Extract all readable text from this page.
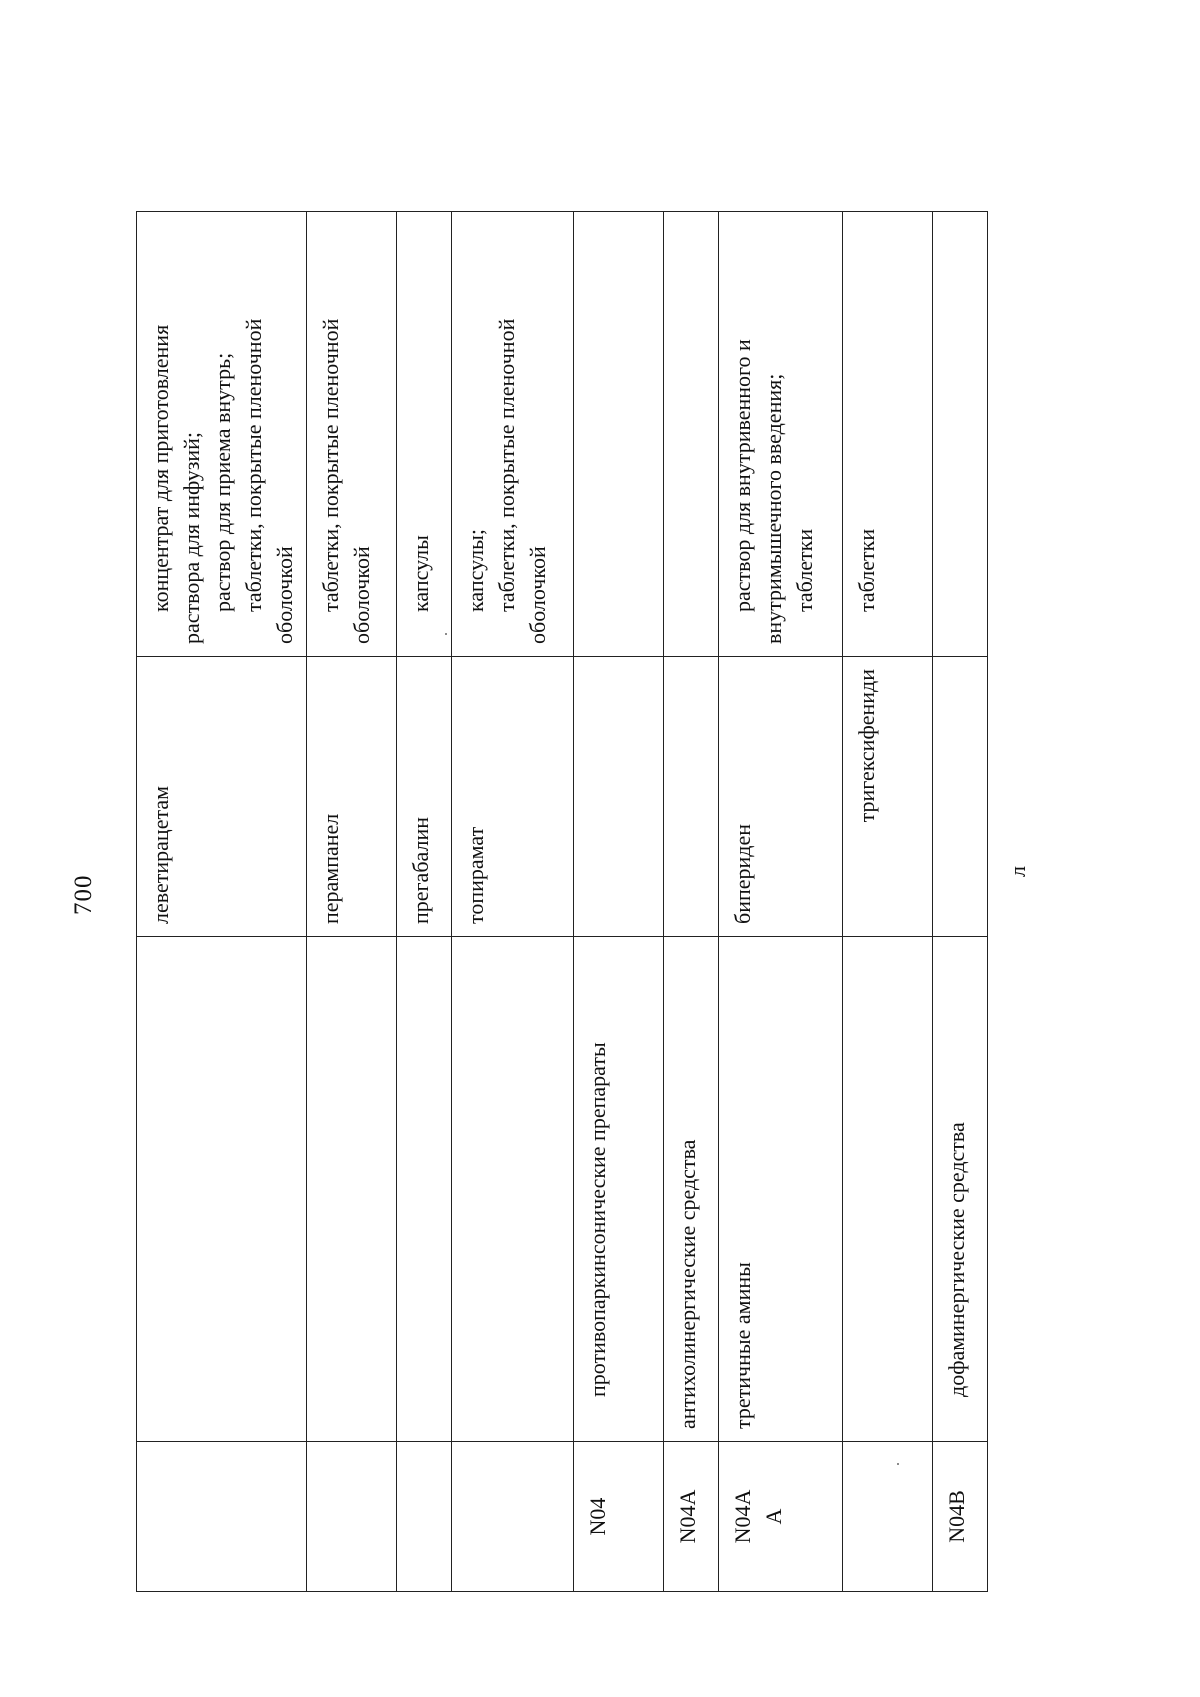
700
		леветирацетам	концентрат для приготовления раствора для инфузий; раствор для приема внутрь; таблетки, покрытые пленочной оболочкой

		перампанел	таблетки, покрытые пленочной оболочкой

		прегабалин	капсулы

		топирамат	капсулы; таблетки, покрытые пленочной оболочкой

N04	противопаркинсонические препараты		

N04A	антихолинергические средства		

N04A A	третичные амины	бипериден	раствор для внутривенного и внутримышечного введения; таблетки

		тригексифениди	таблетки

N04B	дофаминергические средства		
л
